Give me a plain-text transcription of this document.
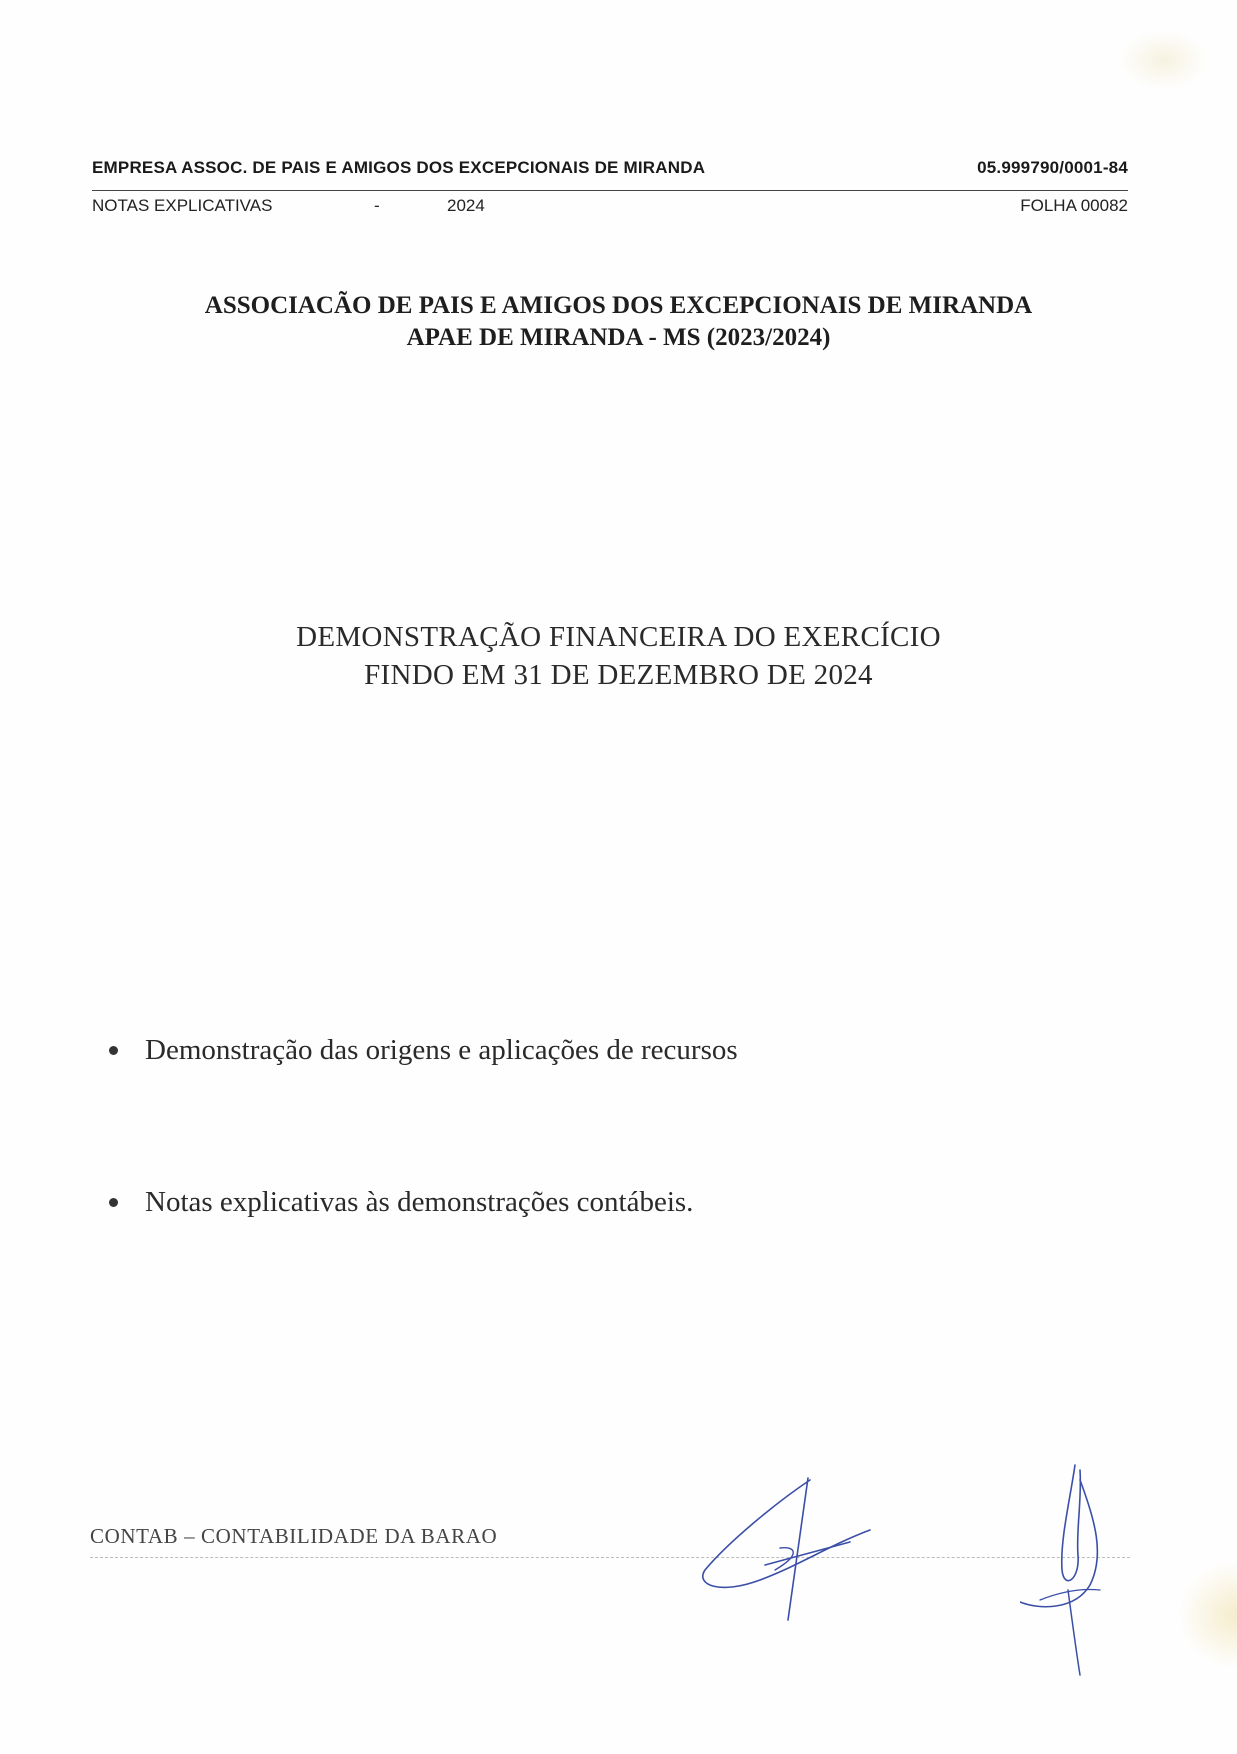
EMPRESA ASSOC. DE PAIS E AMIGOS DOS EXCEPCIONAIS DE MIRANDA	05.999790/0001-84
NOTAS EXPLICATIVAS	-	2024	FOLHA 00082
ASSOCIACÃO DE PAIS E AMIGOS DOS EXCEPCIONAIS DE MIRANDA
APAE DE MIRANDA - MS (2023/2024)
DEMONSTRAÇÃO FINANCEIRA DO EXERCÍCIO
FINDO EM 31 DE DEZEMBRO DE 2024
Demonstração das origens e aplicações de recursos
Notas explicativas às demonstrações contábeis.
CONTAB – CONTABILIDADE DA BARAO
